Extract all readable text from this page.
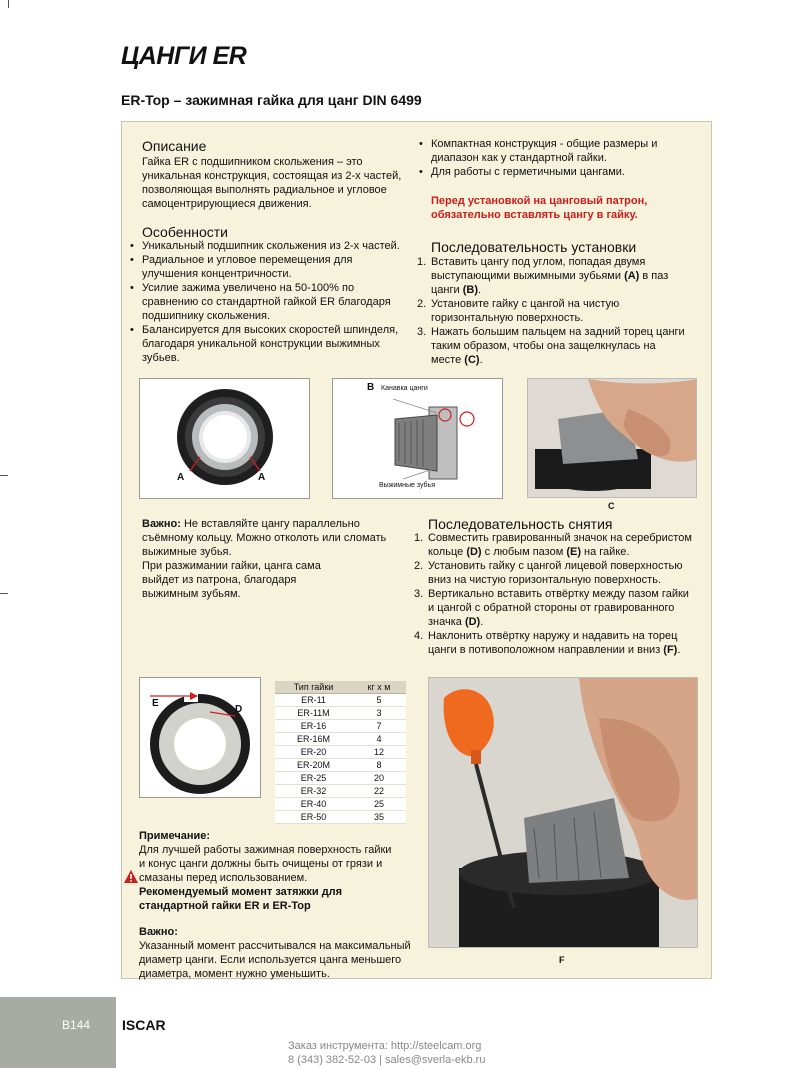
ЦАНГИ ER
ER-Top – зажимная гайка для цанг DIN 6499
Описание
Гайка ER с подшипником скольжения – это
уникальная конструкция, состоящая из 2-х частей,
позволяющая выполнять радиальное и угловое
самоцентрирующиеся движения.
Особенности
• Уникальный подшипник скольжения из 2-х частей.
• Радиальное и угловое перемещения для
улучшения концентричности.
• Усилие зажима увеличено на 50-100% по
сравнению со стандартной гайкой ER благодаря
подшипнику скольжения.
• Балансируется для высоких скоростей шпинделя,
благодаря уникальной конструкции выжимных
зубьев.
• Компактная конструкция - общие размеры и
диапазон как у стандартной гайки.
• Для работы с герметичными цангами.
Перед установкой на цанговый патрон,
обязательно вставлять цангу в гайку.
Последовательность установки
1. Вставить цангу под углом, попадая двумя
выступающими выжимными зубьями (A) в паз
цанги (B).
2. Установите гайку с цангой на чистую
горизонтальную поверхность.
3. Нажать большим пальцем на задний торец цанги
таким образом, чтобы она защелкнулась на
месте (C).
A	A
B Канавка цанги
Выжимные зубья
C
Важно: Не вставляйте цангу параллельно
съёмному кольцу. Можно отколоть или сломать
выжимные зубья.
При разжимании гайки, цанга сама
выйдет из патрона, благодаря
выжимным зубьям.
Последовательность снятия
1. Совместить гравированный значок на серебристом
кольце (D) с любым пазом (E) на гайке.
2. Установить гайку с цангой лицевой поверхностью
вниз на чистую горизонтальную поверхность.
3. Вертикально вставить отвёртку между пазом гайки
и цангой с обратной стороны от гравированного
значка (D).
4. Наклонить отвёртку наружу и надавить на торец
цанги в потивоположном направлении и вниз (F).
E
D
Тип гайки	кг х м
ER-11	5
ER-11M	3
ER-16	7
ER-16M	4
ER-20	12
ER-20M	8
ER-25	20
ER-32	22
ER-40	25
ER-50	35
F
Примечание:
Для лучшей работы зажимная поверхность гайки
и конус цанги должны быть очищены от грязи и
смазаны перед использованием.
Рекомендуемый момент затяжки для
стандартной гайки ER и ER-Top
Важно:
Указанный момент рассчитывался на максимальный
диаметр цанги. Если используется цанга меньшего
диаметра, момент нужно уменьшить.
B144 ISCAR
Заказ инструмента: http://steelcam.org
8 (343) 382-52-03 | sales@sverla-ekb.ru
